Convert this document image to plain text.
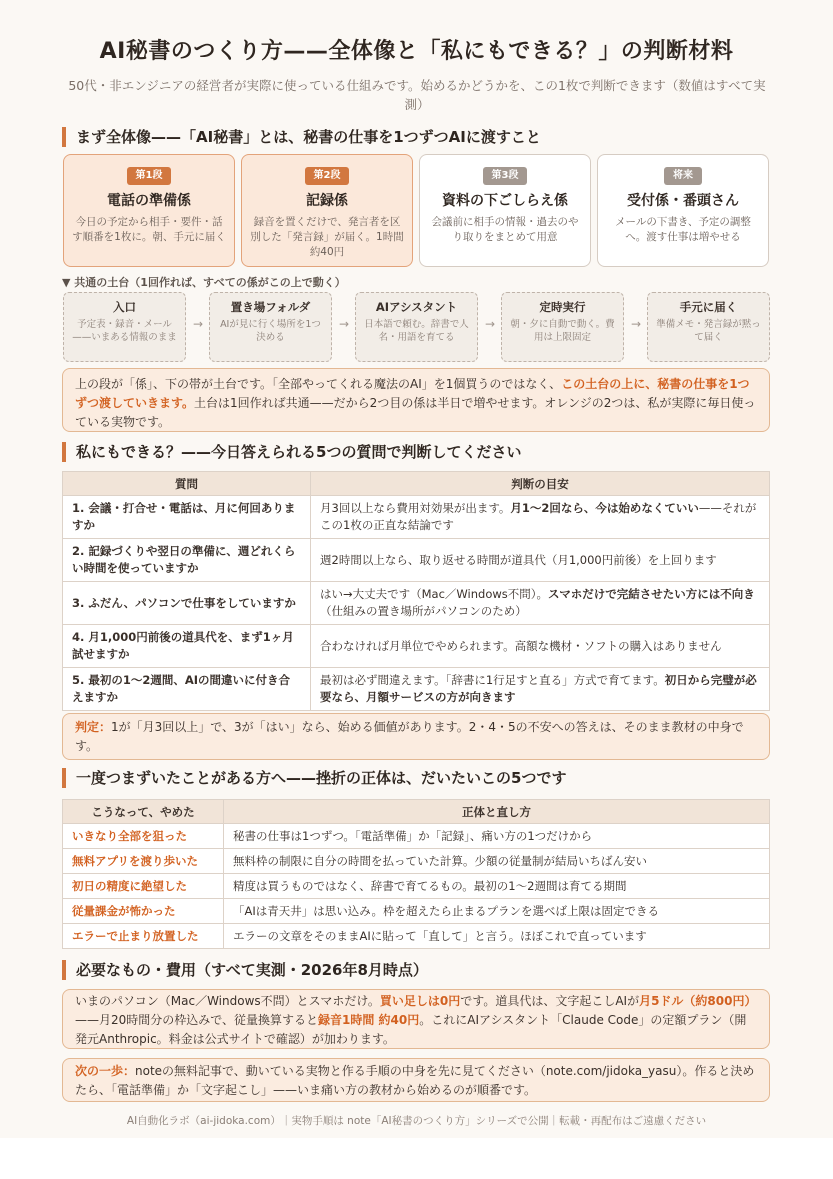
AI秘書のつくり方——全体像と「私にもできる？」の判断材料
50代・非エンジニアの経営者が実際に使っている仕組みです。始めるかどうかを、この1枚で判断できます（数値はすべて実測）
まず全体像——「AI秘書」とは、秘書の仕事を1つずつAIに渡すこと
第1段
電話の準備係
今日の予定から相手・要件・話す順番を1枚に。朝、手元に届く
第2段
記録係
録音を置くだけで、発言者を区別した「発言録」が届く。1時間約40円
第3段
資料の下ごしらえ係
会議前に相手の情報・過去のやり取りをまとめて用意
将来
受付係・番頭さん
メールの下書き、予定の調整へ。渡す仕事は増やせる
▼ 共通の土台（1回作れば、すべての係がこの上で動く）
入口
予定表・録音・メール——いまある情報のまま
→
置き場フォルダ
AIが見に行く場所を1つ決める
→
AIアシスタント
日本語で頼む。辞書で人名・用語を育てる
→
定時実行
朝・夕に自動で動く。費用は上限固定
→
手元に届く
準備メモ・発言録が黙って届く
上の段が「係」、下の帯が土台です。「全部やってくれる魔法のAI」を1個買うのではなく、この土台の上に、秘書の仕事を1つずつ渡していきます。土台は1回作れば共通——だから2つ目の係は半日で増やせます。オレンジの2つは、私が実際に毎日使っている実物です。
私にもできる？——今日答えられる5つの質問で判断してください
質問	判断の目安
1. 会議・打合せ・電話は、月に何回ありますか	月3回以上なら費用対効果が出ます。月1〜2回なら、今は始めなくていい——それがこの1枚の正直な結論です
2. 記録づくりや翌日の準備に、週どれくらい時間を使っていますか	週2時間以上なら、取り返せる時間が道具代（月1,000円前後）を上回ります
3. ふだん、パソコンで仕事をしていますか	はい→大丈夫です（Mac／Windows不問）。スマホだけで完結させたい方には不向き（仕組みの置き場所がパソコンのため）
4. 月1,000円前後の道具代を、まず1ヶ月試せますか	合わなければ月単位でやめられます。高額な機材・ソフトの購入はありません
5. 最初の1〜2週間、AIの間違いに付き合えますか	最初は必ず間違えます。「辞書に1行足すと直る」方式で育てます。初日から完璧が必要なら、月額サービスの方が向きます
判定：1が「月3回以上」で、3が「はい」なら、始める価値があります。2・4・5の不安への答えは、そのまま教材の中身です。
一度つまずいたことがある方へ——挫折の正体は、だいたいこの5つです
こうなって、やめた	正体と直し方
いきなり全部を狙った	秘書の仕事は1つずつ。「電話準備」か「記録」、痛い方の1つだけから
無料アプリを渡り歩いた	無料枠の制限に自分の時間を払っていた計算。少額の従量制が結局いちばん安い
初日の精度に絶望した	精度は買うものではなく、辞書で育てるもの。最初の1〜2週間は育てる期間
従量課金が怖かった	「AIは青天井」は思い込み。枠を超えたら止まるプランを選べば上限は固定できる
エラーで止まり放置した	エラーの文章をそのままAIに貼って「直して」と言う。ほぼこれで直っています
必要なもの・費用（すべて実測・2026年8月時点）
いまのパソコン（Mac／Windows不問）とスマホだけ。買い足しは0円です。道具代は、文字起こしAIが月5ドル（約800円）——月20時間分の枠込みで、従量換算すると録音1時間 約40円。これにAIアシスタント「Claude Code」の定額プラン（開発元Anthropic。料金は公式サイトで確認）が加わります。
次の一歩：noteの無料記事で、動いている実物と作る手順の中身を先に見てください（note.com/jidoka_yasu）。作ると決めたら、「電話準備」か「文字起こし」——いま痛い方の教材から始めるのが順番です。
AI自動化ラボ（ai-jidoka.com）｜実物手順は note「AI秘書のつくり方」シリーズで公開｜転載・再配布はご遠慮ください
